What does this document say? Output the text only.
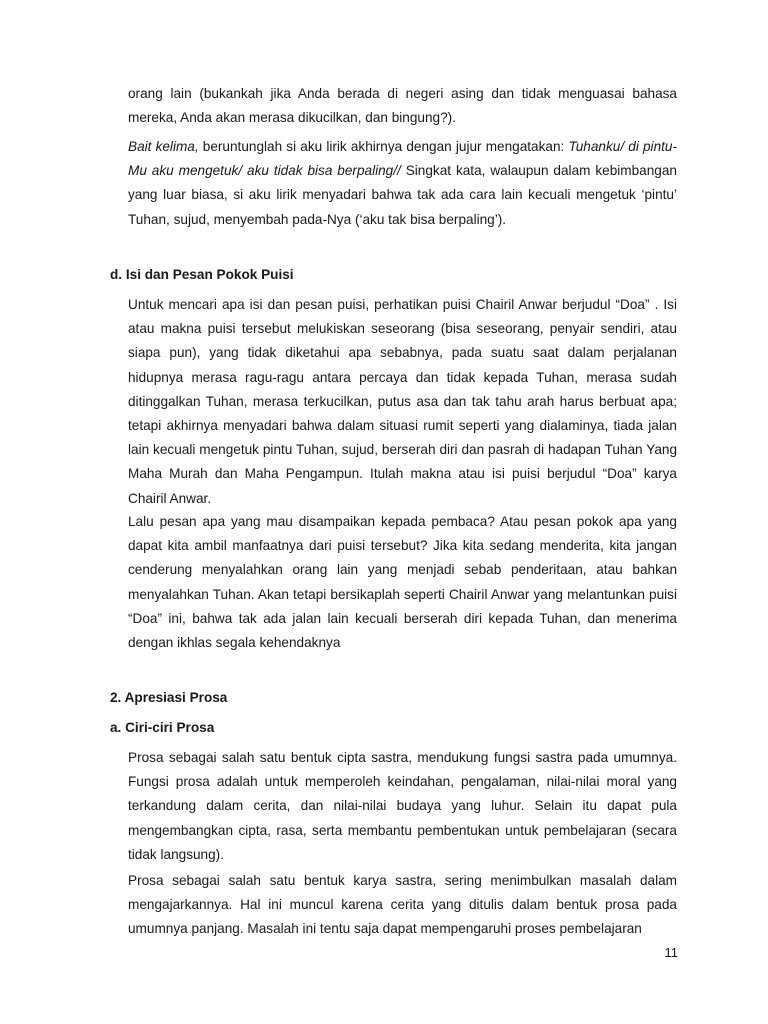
orang lain (bukankah jika Anda berada di negeri asing dan tidak menguasai bahasa mereka, Anda akan merasa dikucilkan, dan bingung?).

Bait kelima, beruntunglah si aku lirik akhirnya dengan jujur mengatakan: Tuhanku/ di pintu-Mu aku mengetuk/ aku tidak bisa berpaling// Singkat kata, walaupun dalam kebimbangan yang luar biasa, si aku lirik menyadari bahwa tak ada cara lain kecuali mengetuk ‘pintu’ Tuhan, sujud, menyembah pada-Nya (‘aku tak bisa berpaling’).

d. Isi dan Pesan Pokok Puisi

Untuk mencari apa isi dan pesan puisi, perhatikan puisi Chairil Anwar berjudul “Doa” . Isi atau makna puisi tersebut melukiskan seseorang (bisa seseorang, penyair sendiri, atau siapa pun), yang tidak diketahui apa sebabnya, pada suatu saat dalam perjalanan hidupnya merasa ragu-ragu antara percaya dan tidak kepada Tuhan, merasa sudah ditinggalkan Tuhan, merasa terkucilkan, putus asa dan tak tahu arah harus berbuat apa; tetapi akhirnya menyadari bahwa dalam situasi rumit seperti yang dialaminya, tiada jalan lain kecuali mengetuk pintu Tuhan, sujud, berserah diri dan pasrah di hadapan Tuhan Yang Maha Murah dan Maha Pengampun. Itulah makna atau isi puisi berjudul “Doa” karya Chairil Anwar.

Lalu pesan apa yang mau disampaikan kepada pembaca? Atau pesan pokok apa yang dapat kita ambil manfaatnya dari puisi tersebut? Jika kita sedang menderita, kita jangan cenderung menyalahkan orang lain yang menjadi sebab penderitaan, atau bahkan menyalahkan Tuhan. Akan tetapi bersikaplah seperti Chairil Anwar yang melantunkan puisi “Doa” ini, bahwa tak ada jalan lain kecuali berserah diri kepada Tuhan, dan menerima dengan ikhlas segala kehendaknya

2. Apresiasi Prosa
a. Ciri-ciri Prosa

Prosa sebagai salah satu bentuk cipta sastra, mendukung fungsi sastra pada umumnya. Fungsi prosa adalah untuk memperoleh keindahan, pengalaman, nilai-nilai moral yang terkandung dalam cerita, dan nilai-nilai budaya yang luhur. Selain itu dapat pula mengembangkan cipta, rasa, serta membantu pembentukan untuk pembelajaran (secara tidak langsung).

Prosa sebagai salah satu bentuk karya sastra, sering menimbulkan masalah dalam mengajarkannya. Hal ini muncul karena cerita yang ditulis dalam bentuk prosa pada umumnya panjang. Masalah ini tentu saja dapat mempengaruhi proses pembelajaran

11
